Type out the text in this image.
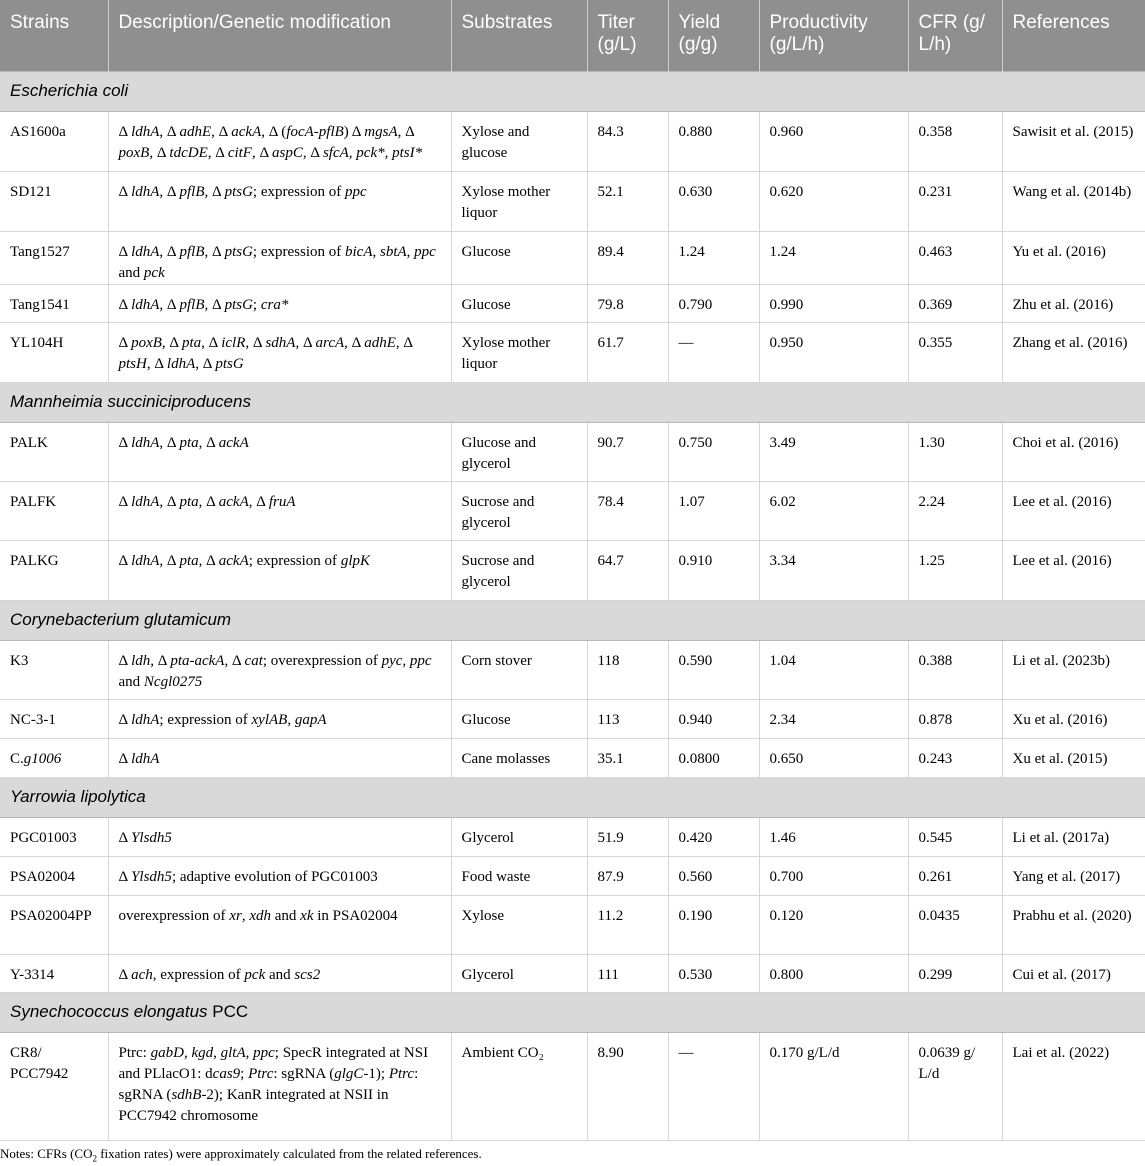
Strains	Description/Genetic modification	Substrates	Titer (g/L)	Yield (g/g)	Productivity (g/L/h)	CFR (g/ L/h)	References
Escherichia coli							
AS1600a	Δ ldhA, Δ adhE, Δ ackA, Δ (focA-pflB) Δ mgsA, Δ poxB, Δ tdcDE, Δ citF, Δ aspC, Δ sfcA, pck*, ptsI*	Xylose and glucose	84.3	0.880	0.960	0.358	Sawisit et al. (2015)
SD121	Δ ldhA, Δ pflB, Δ ptsG; expression of ppc	Xylose mother liquor	52.1	0.630	0.620	0.231	Wang et al. (2014b)
Tang1527	Δ ldhA, Δ pflB, Δ ptsG; expression of bicA, sbtA, ppc and pck	Glucose	89.4	1.24	1.24	0.463	Yu et al. (2016)
Tang1541	Δ ldhA, Δ pflB, Δ ptsG; cra*	Glucose	79.8	0.790	0.990	0.369	Zhu et al. (2016)
YL104H	Δ poxB, Δ pta, Δ iclR, Δ sdhA, Δ arcA, Δ adhE, Δ ptsH, Δ ldhA, Δ ptsG	Xylose mother liquor	61.7	—	0.950	0.355	Zhang et al. (2016)
Mannheimia succiniciproducens							
PALK	Δ ldhA, Δ pta, Δ ackA	Glucose and glycerol	90.7	0.750	3.49	1.30	Choi et al. (2016)
PALFK	Δ ldhA, Δ pta, Δ ackA, Δ fruA	Sucrose and glycerol	78.4	1.07	6.02	2.24	Lee et al. (2016)
PALKG	Δ ldhA, Δ pta, Δ ackA; expression of glpK	Sucrose and glycerol	64.7	0.910	3.34	1.25	Lee et al. (2016)
Corynebacterium glutamicum							
K3	Δ ldh, Δ pta-ackA, Δ cat; overexpression of pyc, ppc and Ncgl0275	Corn stover	118	0.590	1.04	0.388	Li et al. (2023b)
NC-3-1	Δ ldhA; expression of xylAB, gapA	Glucose	113	0.940	2.34	0.878	Xu et al. (2016)
C.g1006	Δ ldhA	Cane molasses	35.1	0.0800	0.650	0.243	Xu et al. (2015)
Yarrowia lipolytica							
PGC01003	Δ Ylsdh5	Glycerol	51.9	0.420	1.46	0.545	Li et al. (2017a)
PSA02004	Δ Ylsdh5; adaptive evolution of PGC01003	Food waste	87.9	0.560	0.700	0.261	Yang et al. (2017)
PSA02004PP	overexpression of xr, xdh and xk in PSA02004	Xylose	11.2	0.190	0.120	0.0435	Prabhu et al. (2020)
Y-3314	Δ ach, expression of pck and scs2	Glycerol	111	0.530	0.800	0.299	Cui et al. (2017)
Synechococcus elongatus PCC							
CR8/ PCC7942	Ptrc: gabD, kgd, gltA, ppc; SpecR integrated at NSI and PLlacO1: dcas9; Ptrc: sgRNA (glgC-1); Ptrc: sgRNA (sdhB-2); KanR integrated at NSII in PCC7942 chromosome	Ambient CO₂	8.90	—	0.170 g/L/d	0.0639 g/ L/d	Lai et al. (2022)
Notes: CFRs ($CO_2$ fixation rates) were approximately calculated from the related references.
